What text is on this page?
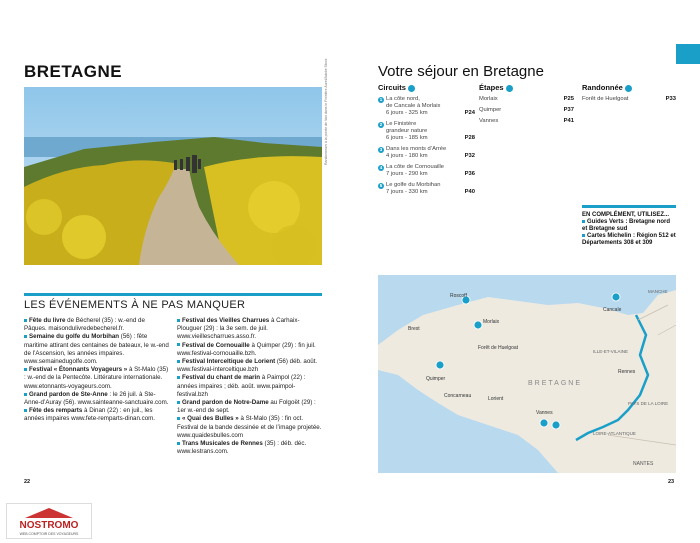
BRETAGNE
Randonneurs à la pointe de Van dans le Finistère Aurel/Adobe Stock
LES ÉVÉNEMENTS À NE PAS MANQUER
Fête du livre de Bécherel (35) : w.-end de Pâques. maisondulivredebecherel.fr.
Semaine du golfe du Morbihan (56) : fête maritime attirant des centaines de bateaux, le w.-end de l’Ascension, les années impaires. www.semainedugolfe.com.
Festival « Étonnants Voyageurs » à St-Malo (35) : w.-end de la Pentecôte. Littérature internationale. www.etonnants-voyageurs.com.
Grand pardon de Ste-Anne : le 26 juil. à Ste-Anne-d’Auray (56). www.sainteanne-sanctuaire.com.
Fête des remparts à Dinan (22) : en juil., les années impaires www.fete-remparts-dinan.com.
Festival des Vieilles Charrues à Carhaix-Plouguer (29) : la 3e sem. de juil. www.vieillescharrues.asso.fr.
Festival de Cornouaille à Quimper (29) : fin juil. www.festival-cornouaille.bzh.
Festival Interceltique de Lorient (56) déb. août. www.festival-interceltique.bzh
Festival du chant de marin à Paimpol (22) : années impaires ; déb. août. www.paimpol-festival.bzh
Grand pardon de Notre-Dame au Folgoët (29) : 1er w.-end de sept.
« Quai des Bulles » à St-Malo (35) : fin oct. Festival de la bande dessinée et de l’image projetée. www.quaidesbulles.com
Trans Musicales de Rennes (35) : déb. déc. www.lestrans.com.
22
Votre séjour en Bretagne
Circuits
1 La côte nord,
de Cancale à Morlaix
6 jours - 325 km	P24
2 Le Finistère
grandeur nature
6 jours - 185 km	P28
3 Dans les monts d’Arrée
4 jours - 180 km	P32
4 La côte de Cornouaille
7 jours - 290 km	P36
5 Le golfe du Morbihan
7 jours - 330 km	P40
Étapes
Morlaix	P25
Quimper	P37
Vannes	P41
Randonnée
Forêt de Huelgoat	P33
EN COMPLÉMENT, UTILISEZ...
Guides Verts : Bretagne nord et Bretagne sud
Cartes Michelin : Région 512 et Départements 308 et 309
Roscoff
Morlaix
Brest
Forêt de Huelgoat
Cancale
Quimper
Concarneau
Vannes
BRETAGNE
LOIRE-ATLANTIQUE
NANTES
ILLE-ET-VILAINE
MANCHE
PAYS DE LA LOIRE
Rennes
Lorient
23
NOSTROMO
WEB COMPTOIR DES VOYAGEURS
